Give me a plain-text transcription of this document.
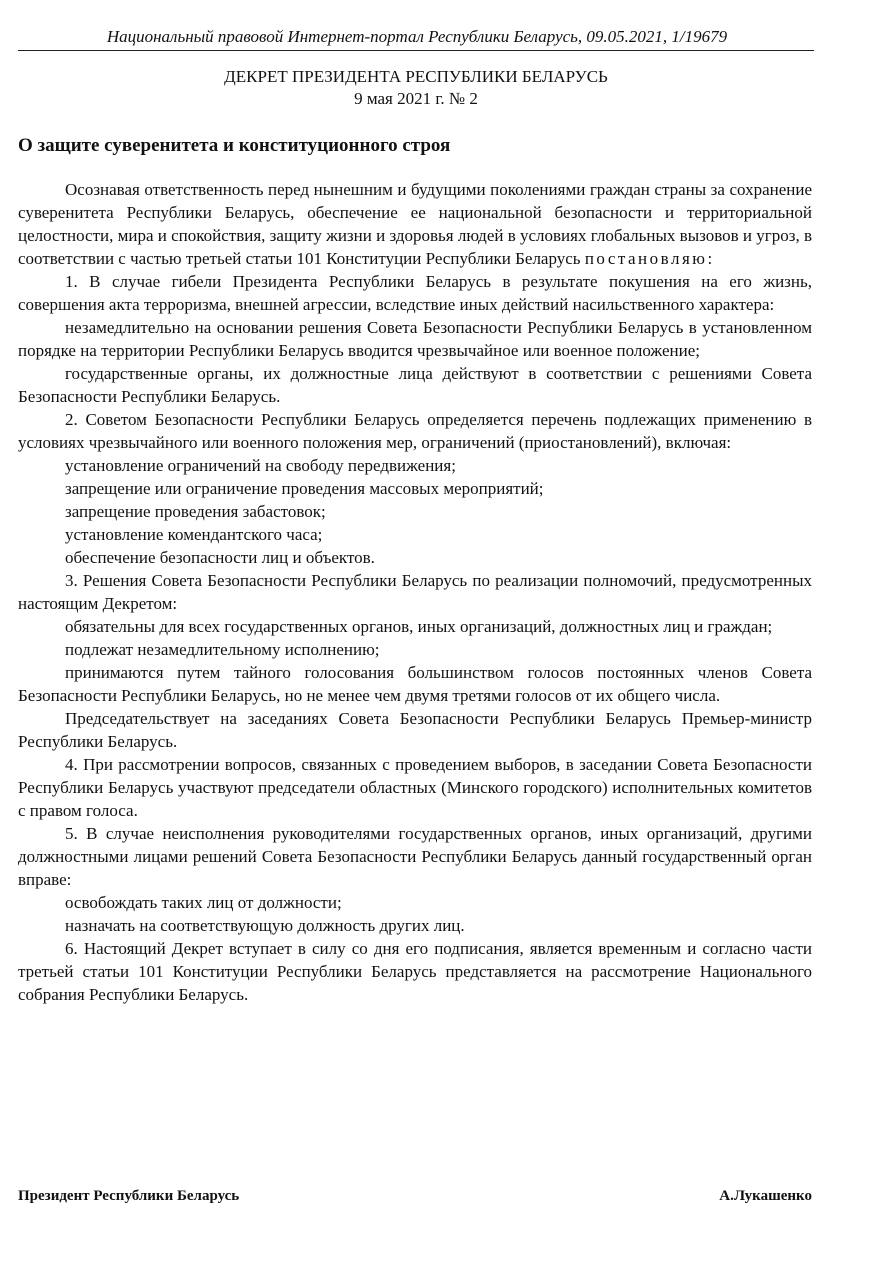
Национальный правовой Интернет-портал Республики Беларусь, 09.05.2021, 1/19679
ДЕКРЕТ ПРЕЗИДЕНТА РЕСПУБЛИКИ БЕЛАРУСЬ
9 мая 2021 г. № 2
О защите суверенитета и конституционного строя

Осознавая ответственность перед нынешним и будущими поколениями граждан страны за сохранение суверенитета Республики Беларусь, обеспечение ее национальной безопасности и территориальной целостности, мира и спокойствия, защиту жизни и здоровья людей в условиях глобальных вызовов и угроз, в соответствии с частью третьей статьи 101 Конституции Республики Беларусь постановляю:

1. В случае гибели Президента Республики Беларусь в результате покушения на его жизнь, совершения акта терроризма, внешней агрессии, вследствие иных действий насильственного характера:

незамедлительно на основании решения Совета Безопасности Республики Беларусь в установленном порядке на территории Республики Беларусь вводится чрезвычайное или военное положение;

государственные органы, их должностные лица действуют в соответствии с решениями Совета Безопасности Республики Беларусь.

2. Советом Безопасности Республики Беларусь определяется перечень подлежащих применению в условиях чрезвычайного или военного положения мер, ограничений (приостановлений), включая:

установление ограничений на свободу передвижения;

запрещение или ограничение проведения массовых мероприятий;

запрещение проведения забастовок;

установление комендантского часа;

обеспечение безопасности лиц и объектов.

3. Решения Совета Безопасности Республики Беларусь по реализации полномочий, предусмотренных настоящим Декретом:

обязательны для всех государственных органов, иных организаций, должностных лиц и граждан;

подлежат незамедлительному исполнению;

принимаются путем тайного голосования большинством голосов постоянных членов Совета Безопасности Республики Беларусь, но не менее чем двумя третями голосов от их общего числа.

Председательствует на заседаниях Совета Безопасности Республики Беларусь Премьер-министр Республики Беларусь.

4. При рассмотрении вопросов, связанных с проведением выборов, в заседании Совета Безопасности Республики Беларусь участвуют председатели областных (Минского городского) исполнительных комитетов с правом голоса.

5. В случае неисполнения руководителями государственных органов, иных организаций, другими должностными лицами решений Совета Безопасности Республики Беларусь данный государственный орган вправе:

освобождать таких лиц от должности;

назначать на соответствующую должность других лиц.

6. Настоящий Декрет вступает в силу со дня его подписания, является временным и согласно части третьей статьи 101 Конституции Республики Беларусь представляется на рассмотрение Национального собрания Республики Беларусь.

Президент Республики Беларусь	А.Лукашенко
